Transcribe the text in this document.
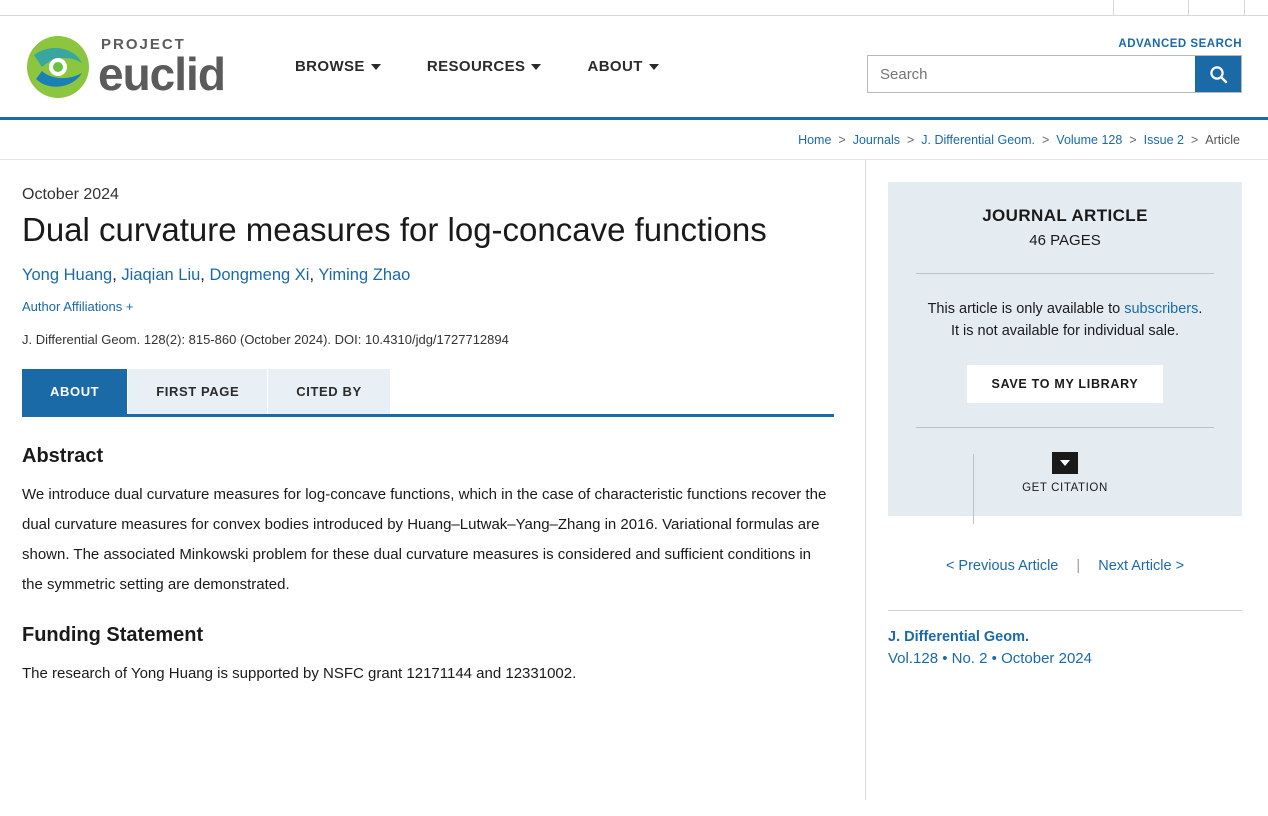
PROJECT
euclid	BROWSE	RESOURCES	ABOUT
ADVANCED SEARCH
Search
Home > Journals > J. Differential Geom. > Volume 128 > Issue 2 > Article
October 2024
Dual curvature measures for log-concave functions
Yong Huang, Jiaqian Liu, Dongmeng Xi, Yiming Zhao
Author Affiliations +
J. Differential Geom. 128(2): 815-860 (October 2024). DOI: 10.4310/jdg/1727712894
ABOUT	FIRST PAGE	CITED BY
Abstract
We introduce dual curvature measures for log-concave functions, which in the case of characteristic functions recover the dual curvature measures for convex bodies introduced by Huang–Lutwak–Yang–Zhang in 2016. Variational formulas are shown. The associated Minkowski problem for these dual curvature measures is considered and sufficient conditions in the symmetric setting are demonstrated.
Funding Statement
The research of Yong Huang is supported by NSFC grant 12171144 and 12331002.
JOURNAL ARTICLE
46 PAGES
This article is only available to subscribers.
It is not available for individual sale.
SAVE TO MY LIBRARY
GET CITATION
< Previous Article | Next Article >
J. Differential Geom.
Vol.128 • No. 2 • October 2024
